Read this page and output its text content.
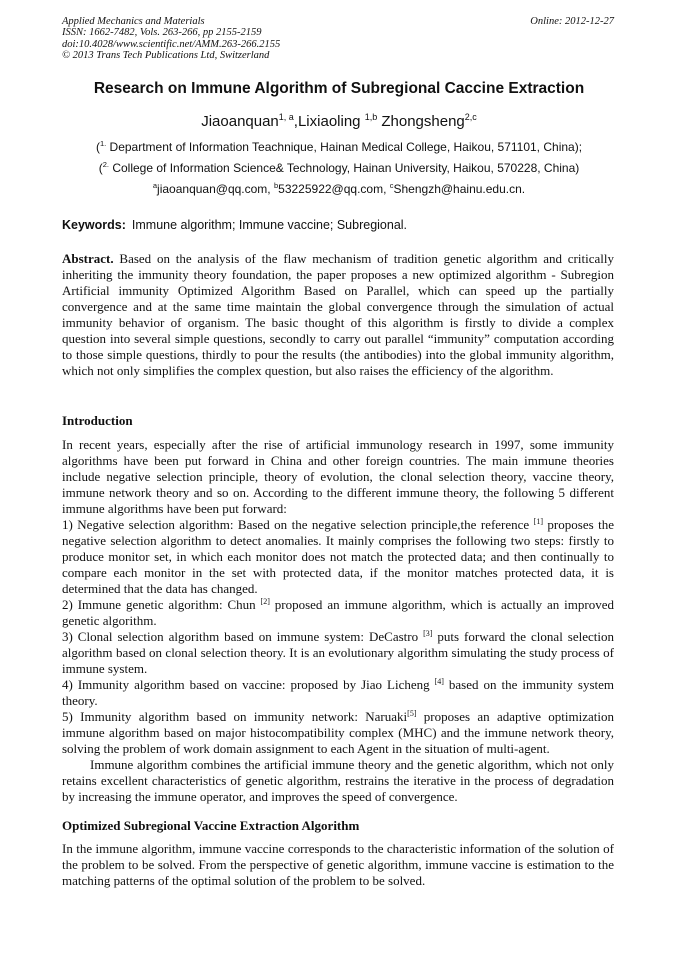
Applied Mechanics and Materials
ISSN: 1662-7482, Vols. 263-266, pp 2155-2159
doi:10.4028/www.scientific.net/AMM.263-266.2155
© 2013 Trans Tech Publications Ltd, Switzerland
Online: 2012-12-27
Research on Immune Algorithm of Subregional Caccine Extraction
Jiaoanquan$^{1, a}$,Lixiaoling $^{1,b}$ Zhongsheng$^{2,c}$
($^{1.}$ Department of Information Teachnique, Hainan Medical College, Haikou, 571101, China);
($^{2.}$ College of Information Science& Technology, Hainan University, Haikou, 570228, China)
$^a$jiaoanquan@qq.com, $^b$53225922@qq.com, $^c$Shengzh@hainu.edu.cn.
Keywords: Immune algorithm; Immune vaccine; Subregional.

Abstract. Based on the analysis of the flaw mechanism of tradition genetic algorithm and critically inheriting the immunity theory foundation, the paper proposes a new optimized algorithm - Subregion Artificial immunity Optimized Algorithm Based on Parallel, which can speed up the partially convergence and at the same time maintain the global convergence through the simulation of actual immunity behavior of organism. The basic thought of this algorithm is firstly to divide a complex question into several simple questions, secondly to carry out parallel “immunity” computation according to those simple questions, thirdly to pour the results (the antibodies) into the global immunity algorithm, which not only simplifies the complex question, but also raises the efficiency of the algorithm.

Introduction

In recent years, especially after the rise of artificial immunology research in 1997, some immunity algorithms have been put forward in China and other foreign countries. The main immune theories include negative selection principle, theory of evolution, the clonal selection theory, vaccine theory, immune network theory and so on. According to the different immune theory, the following 5 different immune algorithms have been put forward:

1) Negative selection algorithm: Based on the negative selection principle,the reference [1] proposes the negative selection algorithm to detect anomalies. It mainly comprises the following two steps: firstly to produce monitor set, in which each monitor does not match the protected data; and then continually to compare each monitor in the set with protected data, if the monitor matches protected data, it is determined that the data has changed.

2) Immune genetic algorithm: Chun [2] proposed an immune algorithm, which is actually an improved genetic algorithm.

3) Clonal selection algorithm based on immune system: DeCastro [3] puts forward the clonal selection algorithm based on clonal selection theory. It is an evolutionary algorithm simulating the study process of immune system.

4) Immunity algorithm based on vaccine: proposed by Jiao Licheng [4] based on the immunity system theory.

5) Immunity algorithm based on immunity network: Naruaki[5] proposes an adaptive optimization immune algorithm based on major histocompatibility complex (MHC) and the immune network theory, solving the problem of work domain assignment to each Agent in the situation of multi-agent.

Immune algorithm combines the artificial immune theory and the genetic algorithm, which not only retains excellent characteristics of genetic algorithm, restrains the iterative in the process of degradation by increasing the immune operator, and improves the speed of convergence.

Optimized Subregional Vaccine Extraction Algorithm

In the immune algorithm, immune vaccine corresponds to the characteristic information of the solution of the problem to be solved. From the perspective of genetic algorithm, immune vaccine is estimation to the matching patterns of the optimal solution of the problem to be solved.
